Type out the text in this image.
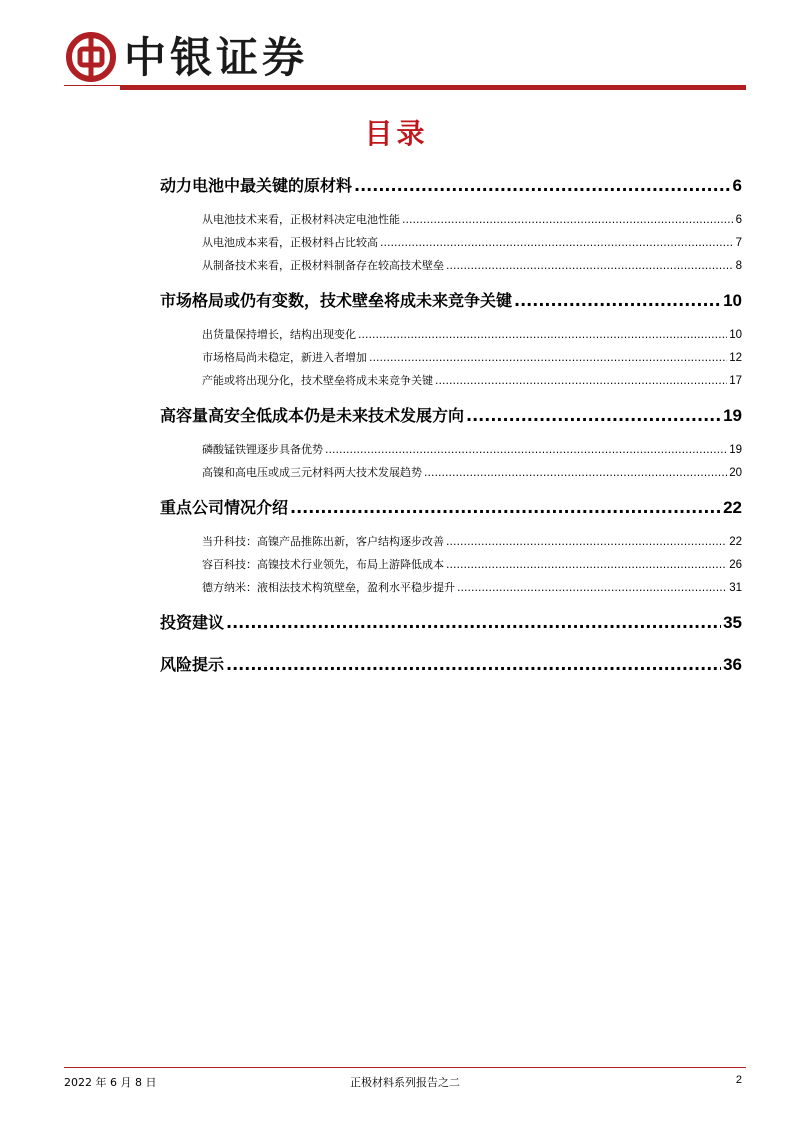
中银证券
目录
动力电池中最关键的原材料 .....	6
从电池技术来看，正极材料决定电池性能 .....	6
从电池成本来看，正极材料占比较高 .....	7
从制备技术来看，正极材料制备存在较高技术壁垒 .....	8
市场格局或仍有变数，技术壁垒将成未来竞争关键 .....	10
出货量保持增长，结构出现变化 .....	10
市场格局尚未稳定，新进入者增加 .....	12
产能或将出现分化，技术壁垒将成未来竞争关键 .....	17
高容量高安全低成本仍是未来技术发展方向 .....	19
磷酸锰铁锂逐步具备优势 .....	19
高镍和高电压或成三元材料两大技术发展趋势 .....	20
重点公司情况介绍 .....	22
当升科技：高镍产品推陈出新，客户结构逐步改善 .....	22
容百科技：高镍技术行业领先，布局上游降低成本 .....	26
德方纳米：液相法技术构筑壁垒，盈利水平稳步提升 .....	31
投资建议 .....	35
风险提示 .....	36
2022 年 6 月 8 日	正极材料系列报告之二	2
